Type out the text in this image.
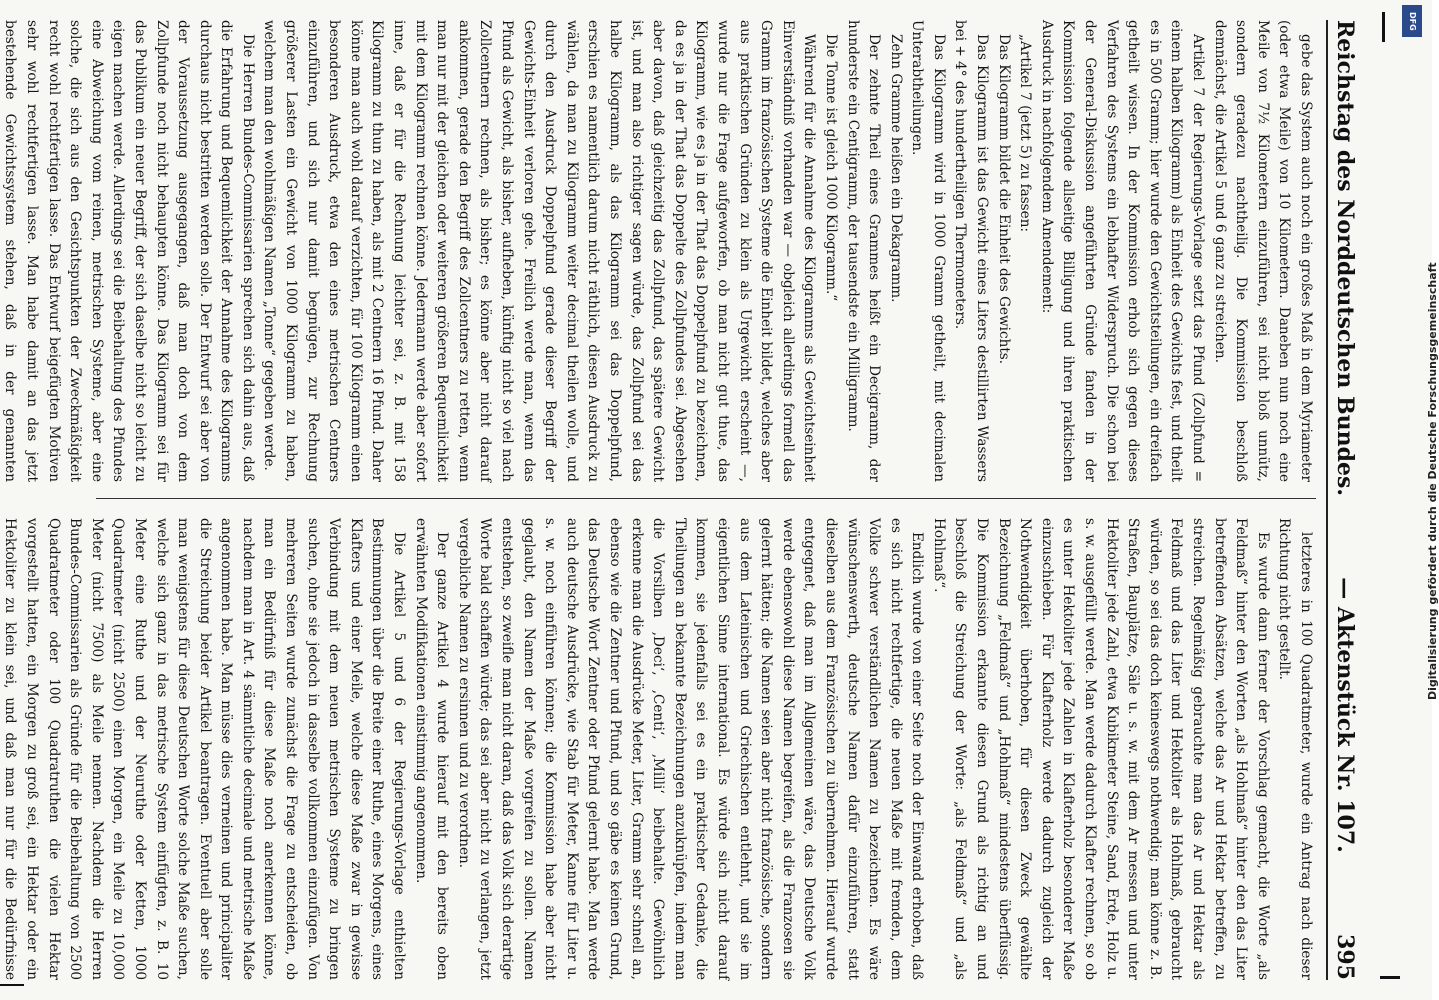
Reichstag des Norddeutschen Bundes.
— Aktenstück Nr. 107.
395

letzteres in 100 Quadratmeter, wurde ein Antrag nach dieser Richtung nicht gestellt.

Es wurde dann ferner der Vorschlag gemacht, die Worte „als Feldmaß“ hinter den Worten „als Hohlmaß“ hinter den das Liter betreffenden Absätzen, welche das Ar und Hektar betreffen, zu streichen. Regelmäßig gebrauchte man das Ar und Hektar als Feldmaß und das Liter und Hektoliter als Hohlmaß, gebraucht würden, so sei das doch keineswegs nothwendig; man könne z. B. Straßen, Bauplätze, Säle u. s. w. mit dem Ar messen und unter Hektoliter jede Zahl, etwa Kubikmeter Steine, Sand, Erde, Holz u. s. w. ausgefüllt werde. Man werde dadurch Klafter rechnen, so ob es unter Hektoliter jede Zahlen in Klafterholz besonderer Maße einzuschieben. Für Klafterholz werde dadurch zugleich der Nothwendigkeit überhoben, für diesen Zweck gewählte Bezeichnung „Feldmaß“ und „Hohlmaß“ mindestens überflüssig. Die Kommission erkannte diesen Grund als richtig an und beschloß die Streichung der Worte: „als Feldmaß“ und „als Hohlmaß“.

Endlich wurde von einer Seite noch der Einwand erhoben, daß es sich nicht rechtfertige, die neuen Maße mit fremden, dem Volke schwer verständlichen Namen zu bezeichnen. Es wäre wünschenswerth, deutsche Namen dafür einzuführen, statt dieselben aus dem Französischen zu übernehmen. Hierauf wurde entgegnet, daß man im Allgemeinen wäre, das Deutsche Volk werde ebensowohl diese Namen begreifen, als die Franzosen sie gelernt hätten; die Namen seien aber nicht französische, sondern aus dem Lateinischen und Griechischen entlehnt, und sie im eigentlichen Sinne international. Es würde sich nicht darauf kommen, sie jedenfalls sei es ein praktischer Gedanke, die Theilungen an bekannte Bezeichnungen anzuknüpfen, indem man die Vorsilben ‚Deci‘, ‚Centi‘, ‚Milli‘ beibehalte. Gewöhnlich erkenne man die Ausdrücke Meter, Liter, Gramm sehr schnell an, ebenso wie die Zentner und Pfund, und so gäbe es keinen Grund, das Deutsche Wort Zentner oder Pfund gelernt habe. Man werde auch deutsche Ausdrücke, wie Stab für Meter, Kanne für Liter u. s. w. noch einführen können; die Kommission habe aber nicht geglaubt, den Namen der Maße vorgreifen zu sollen. Namen entstehen, so zweifle man nicht daran, daß das Volk sich derartige Worte bald schaffen würde; das sei aber nicht zu verlangen, jetzt vergebliche Namen zu ersinnen und zu verordnen.

Der ganze Artikel 4 wurde hierauf mit den bereits oben erwähnten Modifikationen einstimmig angenommen.

Die Artikel 5 und 6 der Regierungs-Vorlage enthielten Bestimmungen über die Breite einer Ruthe, eines Morgens, eines Klafters und einer Meile, welche diese Maße zwar in gewisse Verbindung mit dem neuen metrischen Systeme zu bringen suchen, ohne sie jedoch in dasselbe vollkommen einzufügen. Von mehreren Seiten wurde zunächst die Frage zu entscheiden, ob man ein Bedürfniß für diese Maße noch anerkennen könne, nachdem man in Art. 4 sämmtliche decimale und metrische Maße angenommen habe. Man müsse dies verneinen und principaliter die Streichung beider Artikel beantragen. Eventuell aber solle man wenigstens für diese Deutschen Worte solche Maße suchen, welche sich ganz in das metrische System einfügten, z. B. 10 Meter eine Ruthe und der Neuruthe oder Ketten, 1000 Quadratmeter (nicht 2500) einen Morgen, ein Meile zu 10,000 Meter (nicht 7500) als Meile nennen. Nachdem die Herren Bundes-Commissarien als Gründe für die Beibehaltung von 2500 Quadratmeter oder 100 Quadratruthen die vielen Hektar vorgestellt hatten, ein Morgen zu groß sei, ein Hektar oder ein Hektoliter zu klein sei, und daß man nur für die Bedürfnisse

gebe das System auch noch ein großes Maß in dem Myriameter (oder etwa Meile) von 10 Kilometern. Daneben nun noch eine Meile von 7½ Kilometern einzuführen, sei nicht bloß unnütz, sondern geradezu nachtheilig. Die Kommission beschloß demnächst, die Artikel 5 und 6 ganz zu streichen.

Artikel 7 der Regierungs-Vorlage setzt das Pfund (Zollpfund = einem halben Kilogramm) als Einheit des Gewichts fest, und theilt es in 500 Gramm; hier wurde den Gewichtsteilungen, ein dreifach getheilt wissen. In der Kommission erhob sich gegen dieses Verfahren des Systems ein lebhafter Widerspruch. Die schon bei der General-Diskussion angeführten Gründe fanden in der Kommission folgende allseitige Billigung und ihren praktischen Ausdruck in nachfolgendem Amendement:

„Artikel 7 (jetzt 5) zu fassen:

Das Kilogramm bildet die Einheit des Gewichts.

Das Kilogramm ist das Gewicht eines Liters destillirten Wassers bei + 4° des hundertheiligen Thermometers.

Das Kilogramm wird in 1000 Gramm getheilt, mit decimalen Unterabtheilungen.

Zehn Gramme heißen ein Dekagramm.

Der zehnte Theil eines Grammes heißt ein Decigramm, der hunderste ein Centigramm, der tausendste ein Milligramm.

Die Tonne ist gleich 1000 Kilogramm.“

Während für die Annahme des Kilogramms als Gewichtseinheit Einverständniß vorhanden war — obgleich allerdings formell das Gramm im französischen Systeme die Einheit bildet, welches aber aus praktischen Gründen zu klein als Urgewicht erscheint —, wurde nur die Frage aufgeworfen, ob man nicht gut thue, das Kilogramm, wie es ja in der That das Doppelpfund zu bezeichnen, da es ja in der That das Doppelte des Zollpfundes sei. Abgesehen aber davon, daß gleichzeitig das Zollpfund, das spätere Gewicht ist, und man also richtiger sagen würde, das Zollpfund sei das halbe Kilogramm, als das Kilogramm sei das Doppelpfund, erschien es namentlich darum nicht räthlich, diesen Ausdruck zu wählen, da man zu Kilogramm weiter decimal theilen wolle, und durch den Ausdruck Doppelpfund gerade dieser Begriff der Gewichts-Einheit verloren gehe. Freilich werde man, wenn das Pfund als Gewicht, als bisher, aufheben, künftig nicht so viel nach Zollcentnern rechnen, als bisher; es könne aber nicht darauf ankommen, gerade den Begriff des Zollcentners zu retten, wenn man nur mit der gleichen oder weiteren größeren Bequemlichkeit mit dem Kilogramm rechnen könne. Jedermann werde aber sofort inne, daß er für die Rechnung leichter sei, z. B. mit 158 Kilogramm zu thun zu haben, als mit 2 Centnern 16 Pfund. Daher könne man auch wohl darauf verzichten, für 100 Kilogramm einen besonderen Ausdruck, etwa den eines metrischen Centners einzuführen, und sich nur damit begnügen, zur Rechnung größerer Lasten ein Gewicht von 1000 Kilogramm zu haben, welchem man den wohlmäßigen Namen „Tonne“ gegeben werde.

Die Herren Bundes-Commissarien sprechen sich dahin aus, daß die Erfahrung und Bequemlichkeit der Annahme des Kilogramms durchaus nicht bestritten werden solle. Der Entwurf sei aber von der Voraussetzung ausgegangen, daß man doch von dem Zollpfunde noch nicht behaupten könne. Das Kilogramm sei für das Publikum ein neuer Begriff, der sich daselbe nicht so leicht zu eigen machen werde. Allerdings sei die Beibehaltung des Pfundes eine Abweichung vom reinen, metrischen Systeme, aber eine solche, die sich aus den Gesichtspunkten der Zweckmäßigkeit recht wohl rechtfertigen lasse. Das Entwurf beigefügten Motiven sehr wohl rechtfertigen lasse. Man habe damit an das jetzt bestehende Gewichtssystem stehen, daß in der genannten

DFG
Digitalisierung gefördert durch die Deutsche Forschungsgemeinschaft
